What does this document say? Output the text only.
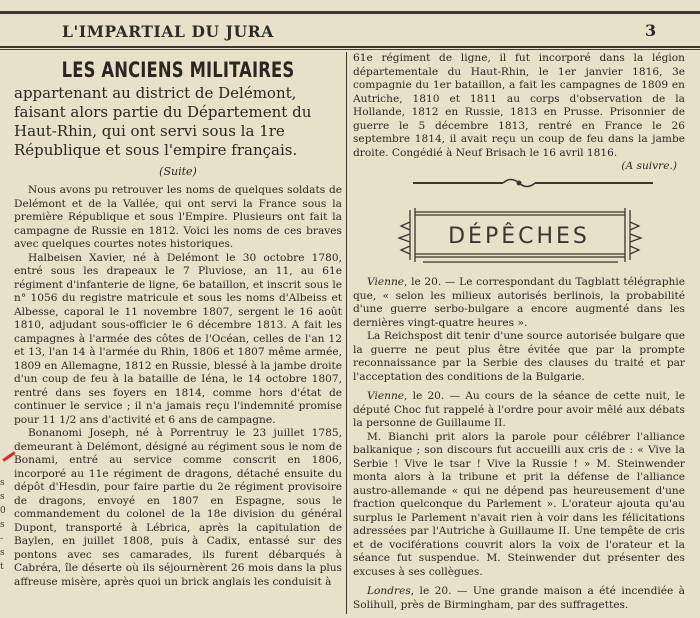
L'IMPARTIAL DU JURA	3
s
s
0
s
-
s
t
LES ANCIENS MILITAIRES
appartenant au district de Delémont, faisant alors partie du Département du Haut-Rhin, qui ont servi sous la 1re République et sous l'empire français.
(Suite)

Nous avons pu retrouver les noms de quelques soldats de Delémont et de la Vallée, qui ont servi la France sous la première République et sous l'Empire. Plusieurs ont fait la campagne de Russie en 1812. Voici les noms de ces braves avec quelques courtes notes historiques.

Halbeisen Xavier, né à Delémont le 30 octobre 1780, entré sous les drapeaux le 7 Pluviose, an 11, au 61e régiment d'infanterie de ligne, 6e bataillon, et inscrit sous le n° 1056 du registre matricule et sous les noms d'Albeiss et Albesse, caporal le 11 novembre 1807, sergent le 16 août 1810, adjudant sous-officier le 6 décembre 1813. A fait les campagnes à l'armée des côtes de l'Océan, celles de l'an 12 et 13, l'an 14 à l'armée du Rhin, 1806 et 1807 même armée, 1809 en Allemagne, 1812 en Russie, blessé à la jambe droite d'un coup de feu à la bataille de Iéna, le 14 octobre 1807, rentré dans ses foyers en 1814, comme hors d'état de continuer le service ; il n'a jamais reçu l'indemnité promise pour 11 1/2 ans d'activité et 6 ans de campagne.

Bonanomi Joseph, né à Porrentruy le 23 juillet 1785, demeurant à Delémont, désigné au régiment sous le nom de Bonami, entré au service comme conscrit en 1806, incorporé au 11e régiment de dragons, détaché ensuite du dépôt d'Hesdin, pour faire partie du 2e régiment provisoire de dragons, envoyé en 1807 en Espagne, sous le commandement du colonel de la 18e division du général Dupont, transporté à Lébrica, après la capitulation de Baylen, en juillet 1808, puis à Cadix, entassé sur des pontons avec ses camarades, ils furent débarqués à Cabréra, île déserte où ils séjournèrent 26 mois dans la plus affreuse misère, après quoi un brick anglais les conduisit à

61e régiment de ligne, il fut incorporé dans la légion départementale du Haut-Rhin, le 1er janvier 1816, 3e compagnie du 1er bataillon, a fait les campagnes de 1809 en Autriche, 1810 et 1811 au corps d'observation de la Hollande, 1812 en Russie, 1813 en Prusse. Prisonnier de guerre le 5 décembre 1813, rentré en France le 26 septembre 1814, il avait reçu un coup de feu dans la jambe droite. Congédié à Neuf Brisach le 16 avril 1816.

(A suivre.)
DÉPÊCHES

Vienne, le 20. — Le correspondant du Tagblatt télégraphie que, « selon les milieux autorisés berlinois, la probabilité d'une guerre serbo-bulgare a encore augmenté dans les dernières vingt-quatre heures ».

La Reichspost dit tenir d'une source autorisée bulgare que la guerre ne peut plus être évitée que par la prompte reconnaissance par la Serbie des clauses du traité et par l'acceptation des conditions de la Bulgarie.

Vienne, le 20. — Au cours de la séance de cette nuit, le député Choc fut rappelé à l'ordre pour avoir mêlé aux débats la personne de Guillaume II.

M. Bianchi prit alors la parole pour célébrer l'alliance balkanique ; son discours fut accueilli aux cris de : « Vive la Serbie ! Vive le tsar ! Vive la Russie ! » M. Steinwender monta alors à la tribune et prit la défense de l'alliance austro-allemande « qui ne dépend pas heureusement d'une fraction quelconque du Parlement ». L'orateur ajouta qu'au surplus le Parlement n'avait rien à voir dans les félicitations adressées par l'Autriche à Guillaume II. Une tempête de cris et de vociférations couvrit alors la voix de l'orateur et la séance fut suspendue. M. Steinwender dut présenter des excuses à ses collègues.

Londres, le 20. — Une grande maison a été incendiée à Solihull, près de Birmingham, par des suffragettes.
